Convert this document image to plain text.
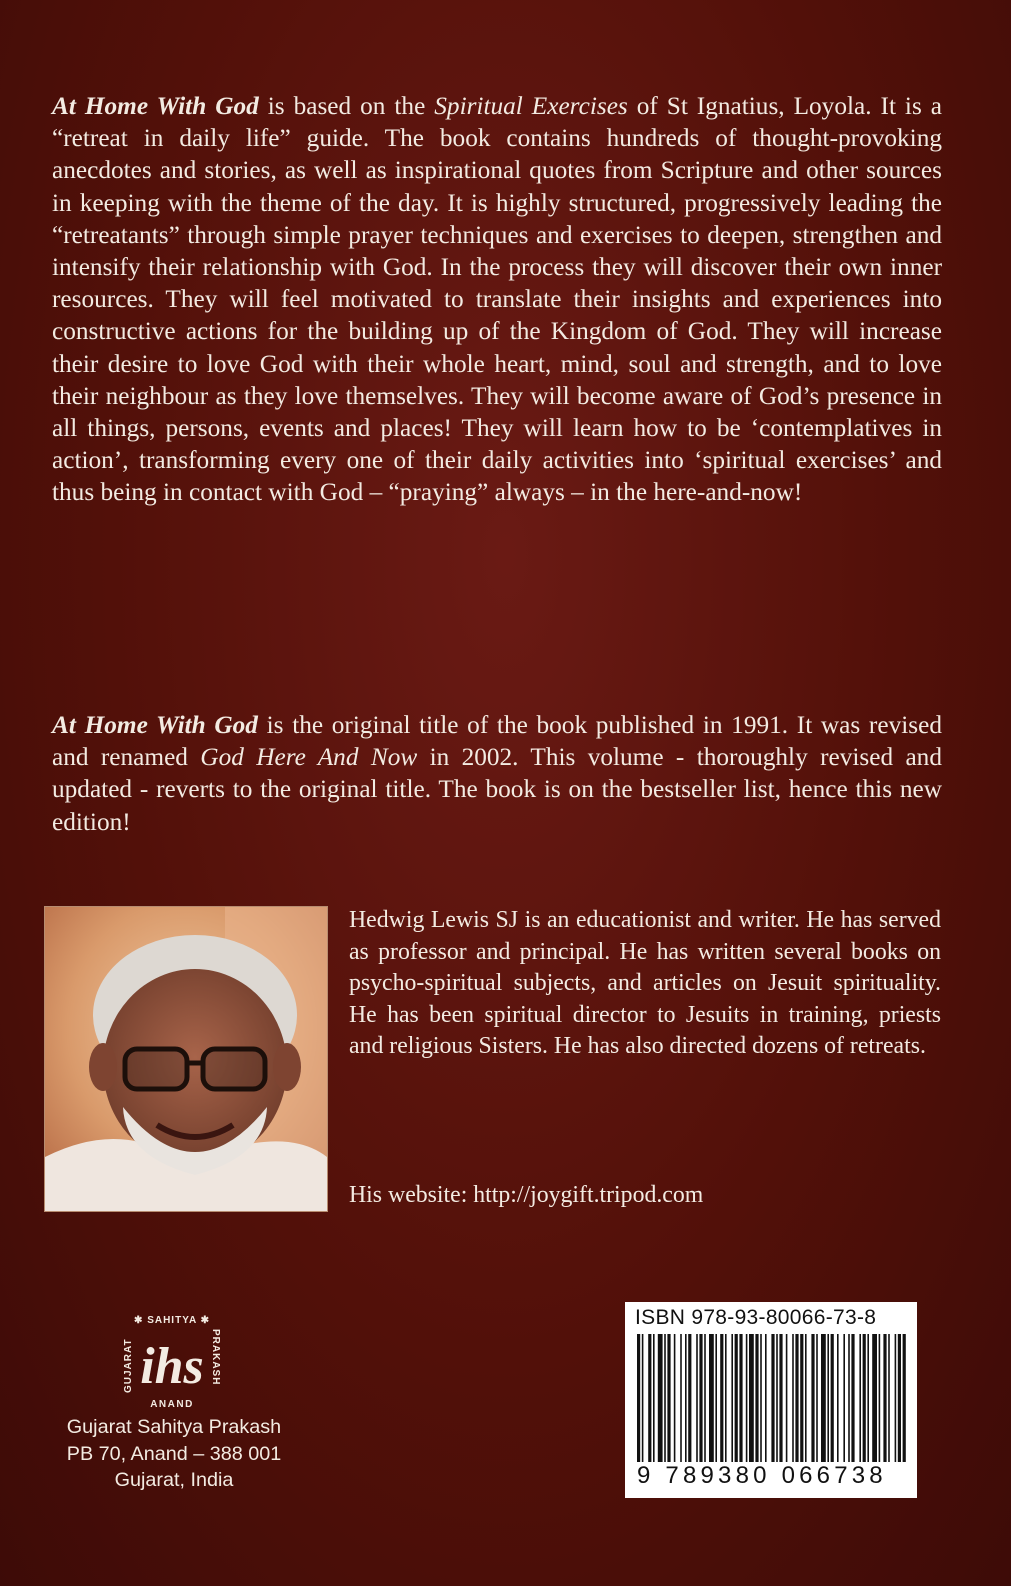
At Home With God is based on the Spiritual Exercises of St Ignatius, Loyola. It is a “retreat in daily life” guide. The book contains hundreds of thought-provoking anecdotes and stories, as well as inspirational quotes from Scripture and other sources in keeping with the theme of the day. It is highly structured, progressively leading the “retreatants” through simple prayer techniques and exercises to deepen, strengthen and intensify their relationship with God. In the process they will discover their own inner resources. They will feel motivated to translate their insights and experiences into constructive actions for the building up of the Kingdom of God. They will increase their desire to love God with their whole heart, mind, soul and strength, and to love their neighbour as they love themselves. They will become aware of God’s presence in all things, persons, events and places! They will learn how to be ‘contemplatives in action’, transforming every one of their daily activities into ‘spiritual exercises’ and thus being in contact with God – “praying” always – in the here-and-now!

At Home With God is the original title of the book published in 1991. It was revised and renamed God Here And Now in 2002. This volume - thoroughly revised and updated - reverts to the original title. The book is on the bestseller list, hence this new edition!

Hedwig Lewis SJ is an educationist and writer. He has served as professor and principal. He has written several books on psycho-spiritual subjects, and articles on Jesuit spirituality. He has been spiritual director to Jesuits in training, priests and religious Sisters. He has also directed dozens of retreats.

His website: http://joygift.tripod.com

✱ SAHITYA ✱
ANAND
GUJARAT	PRAKASH
ihs
Gujarat Sahitya Prakash
PB 70, Anand – 388 001
Gujarat, India
ISBN 978-93-80066-73-8
9 789380 066738
